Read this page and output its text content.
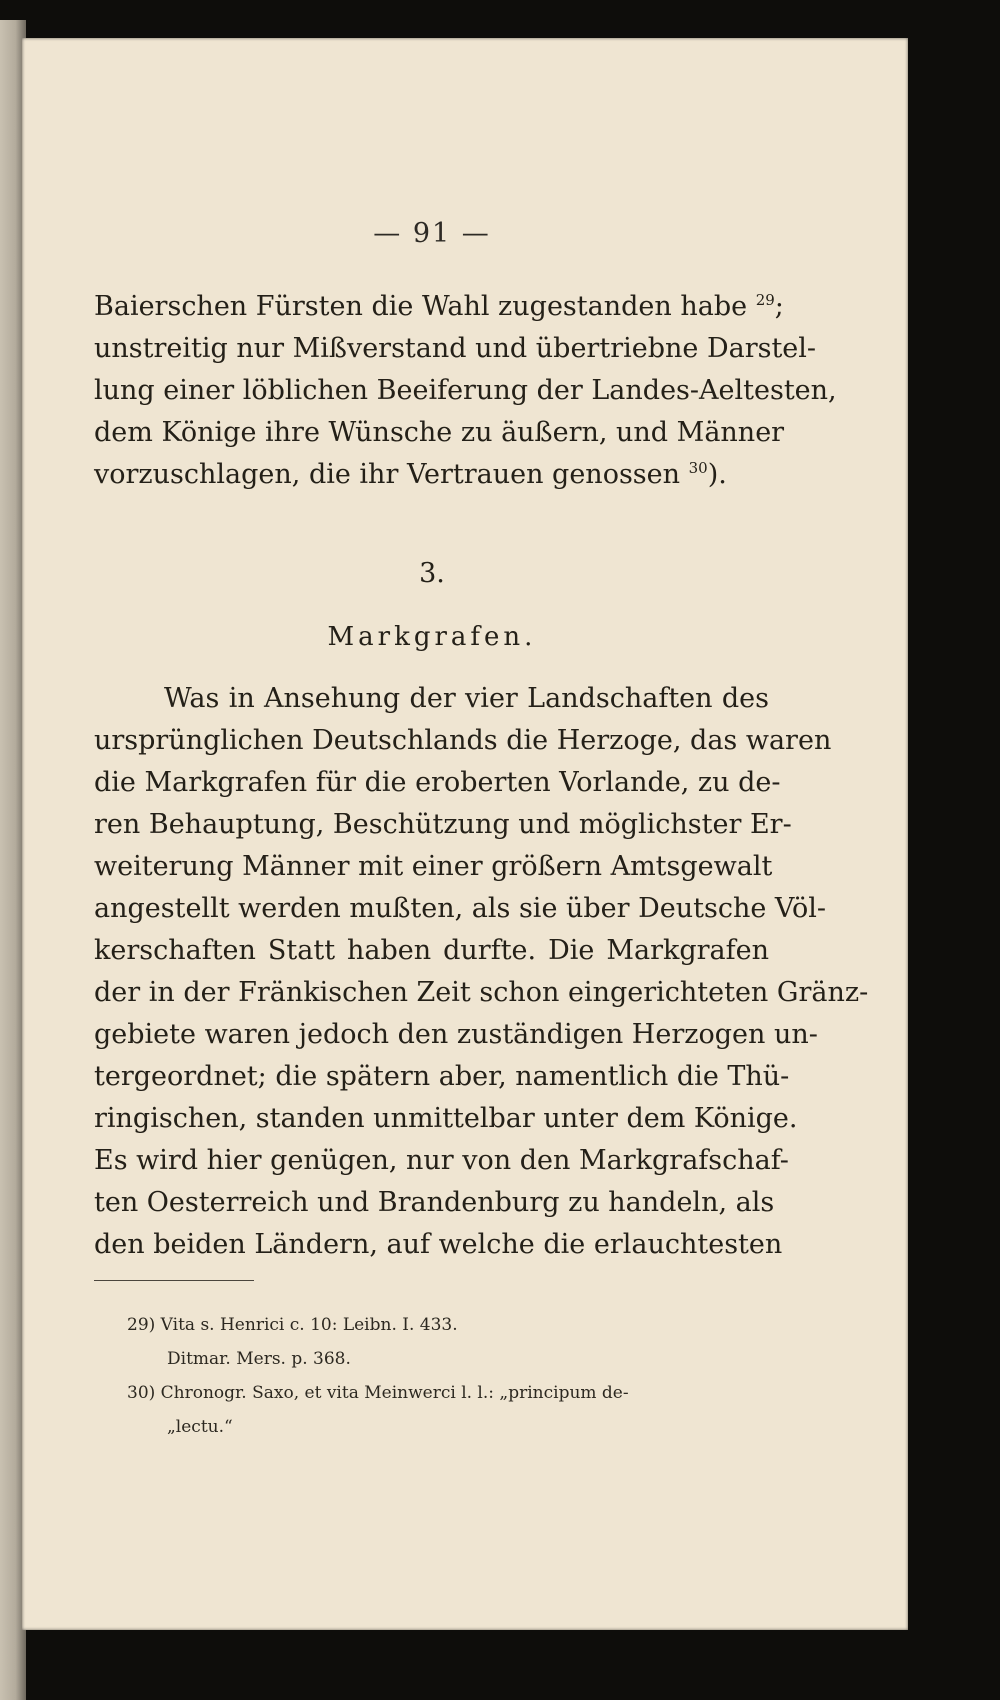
— 91 —
Baierschen Fürsten die Wahl zugestanden habe $^{29}$;
unstreitig nur Mißverstand und übertriebne Darstel-
lung einer löblichen Beeiferung der Landes-Aeltesten,
dem Könige ihre Wünsche zu äußern, und Männer
vorzuschlagen, die ihr Vertrauen genossen $^{30}$).
3.
Markgrafen.
Was in Ansehung der vier Landschaften des
ursprünglichen Deutschlands die Herzoge, das waren
die Markgrafen für die eroberten Vorlande, zu de-
ren Behauptung, Beschützung und möglichster Er-
weiterung Männer mit einer größern Amtsgewalt
angestellt werden mußten, als sie über Deutsche Völ-
kerschaften Statt haben durfte. Die Markgrafen
der in der Fränkischen Zeit schon eingerichteten Gränz-
gebiete waren jedoch den zuständigen Herzogen un-
tergeordnet; die spätern aber, namentlich die Thü-
ringischen, standen unmittelbar unter dem Könige.
Es wird hier genügen, nur von den Markgrafschaf-
ten Oesterreich und Brandenburg zu handeln, als
den beiden Ländern, auf welche die erlauchtesten
29) Vita s. Henrici c. 10: Leibn. I. 433.
Ditmar. Mers. p. 368.
30) Chronogr. Saxo, et vita Meinwerci l. l.: „principum de-
„lectu.“
